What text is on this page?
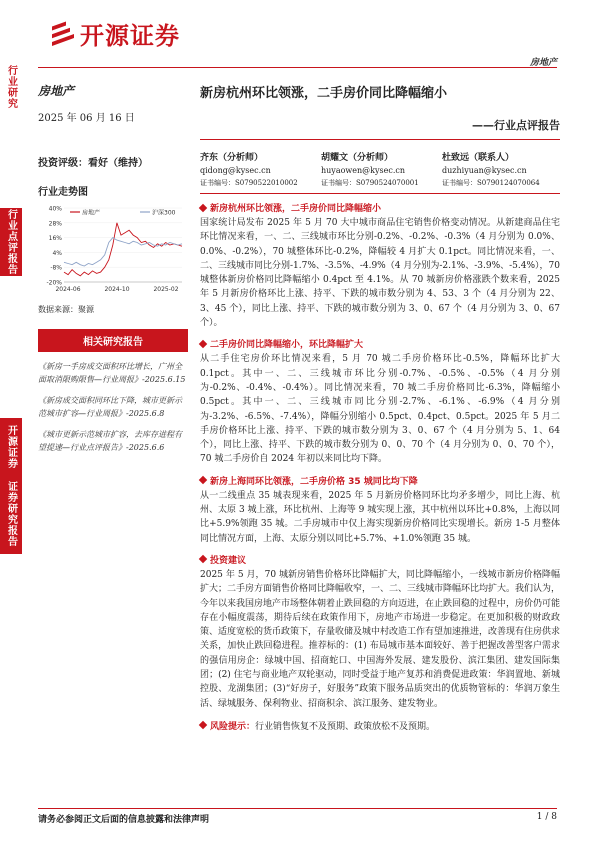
行业研究
行业点评报告
开源证券 证券研究报告
开源证券
房地产
房地产
2025 年 06 月 16 日
投资评级：看好（维持）
行业走势图
40%
28%
16%
4%
-8%
-20%
2024-06	2024-10	2025-02
房地产	沪深300
数据来源：聚源
相关研究报告
《新房一手房成交面积环比增长，广州全面取消限购限售—行业周报》-2025.6.15
《新房成交面积同环比下降，城市更新示范城市扩容—行业周报》-2025.6.8
《城市更新示范城市扩容，去库存进程有望提速—行业点评报告》-2025.6.6
新房杭州环比领涨，二手房价同比降幅缩小
——行业点评报告
齐东（分析师）
qidong@kysec.cn
证书编号：S0790522010002
胡耀文（分析师）
huyaowen@kysec.cn
证书编号：S0790524070001
杜致远（联系人）
duzhiyuan@kysec.cn
证书编号：S0790124070064
新房杭州环比领涨，二手房价同比降幅缩小
国家统计局发布 2025 年 5 月 70 大中城市商品住宅销售价格变动情况。从新建商品住宅环比情况来看，一、二、三线城市环比分别-0.2%、-0.2%、-0.3%（4 月分别为 0.0%、0.0%、-0.2%），70 城整体环比-0.2%，降幅较 4 月扩大 0.1pct。同比情况来看，一、二、三线城市同比分别-1.7%、-3.5%、-4.9%（4 月分别为-2.1%、-3.9%、-5.4%），70 城整体新房价格同比降幅缩小 0.4pct 至 4.1%。从 70 城新房价格涨跌个数来看，2025 年 5 月新房价格环比上涨、持平、下跌的城市数分别为 4、53、3 个（4 月分别为 22、3、45 个），同比上涨、持平、下跌的城市数分别为 3、0、67 个（4 月分别为 3、0、67 个）。
二手房价同比降幅缩小，环比降幅扩大
从二手住宅房价环比情况来看，5 月 70 城二手房价格环比-0.5%，降幅环比扩大 0.1pct。其中一、二、三线城市环比分别-0.7%、-0.5%、-0.5%（4 月分别为-0.2%、-0.4%、-0.4%）。同比情况来看，70 城二手房价格同比-6.3%，降幅缩小 0.5pct。其中一、二、三线城市同比分别-2.7%、-6.1%、-6.9%（4 月分别为-3.2%、-6.5%、-7.4%），降幅分别缩小 0.5pct、0.4pct、0.5pct。2025 年 5 月二手房价格环比上涨、持平、下跌的城市数分别为 3、0、67 个（4 月分别为 5、1、64 个），同比上涨、持平、下跌的城市数分别为 0、0、70 个（4 月分别为 0、0、70 个），70 城二手房价自 2024 年初以来同比均下降。
新房上海同环比领涨，二手房价格 35 城同比均下降
从一二线重点 35 城表现来看，2025 年 5 月新房价格同环比均矛多增少，同比上海、杭州、太原 3 城上涨，环比杭州、上海等 9 城实现上涨，其中杭州以环比+0.8%，上海以同比+5.9%领跑 35 城。二手房城市中仅上海实现新房价格同比实现增长。新房 1-5 月整体同比情况方面，上海、太原分别以同比+5.7%、+1.0%领跑 35 城。
投资建议
2025 年 5 月，70 城新房销售价格环比降幅扩大，同比降幅缩小，一线城市新房价格降幅扩大；二手房方面销售价格同比降幅收窄，一、二、三线城市降幅环比均扩大。我们认为，今年以来我国房地产市场整体朝着止跌回稳的方向迈进，在止跌回稳的过程中，房价仍可能存在小幅度震荡，期待后续在政策作用下，房地产市场进一步稳定。在更加积极的财政政策、适度宽松的货币政策下，存量收储及城中村改造工作有望加速推进，改善现有住房供求关系，加快止跌回稳进程。推荐标的：(1) 布局城市基本面较好、善于把握改善型客户需求的强信用房企：绿城中国、招商蛇口、中国海外发展、建发股份、滨江集团、建发国际集团；(2) 住宅与商业地产双轮驱动，同时受益于地产复苏和消费促进政策：华润置地、新城控股、龙湖集团；(3)“好房子，好服务”政策下服务品质突出的优质物管标的：华润万象生活、绿城服务、保利物业、招商积余、滨江服务、建发物业。
风险提示： 行业销售恢复不及预期、政策放松不及预期。
请务必参阅正文后面的信息披露和法律声明	1 / 8
